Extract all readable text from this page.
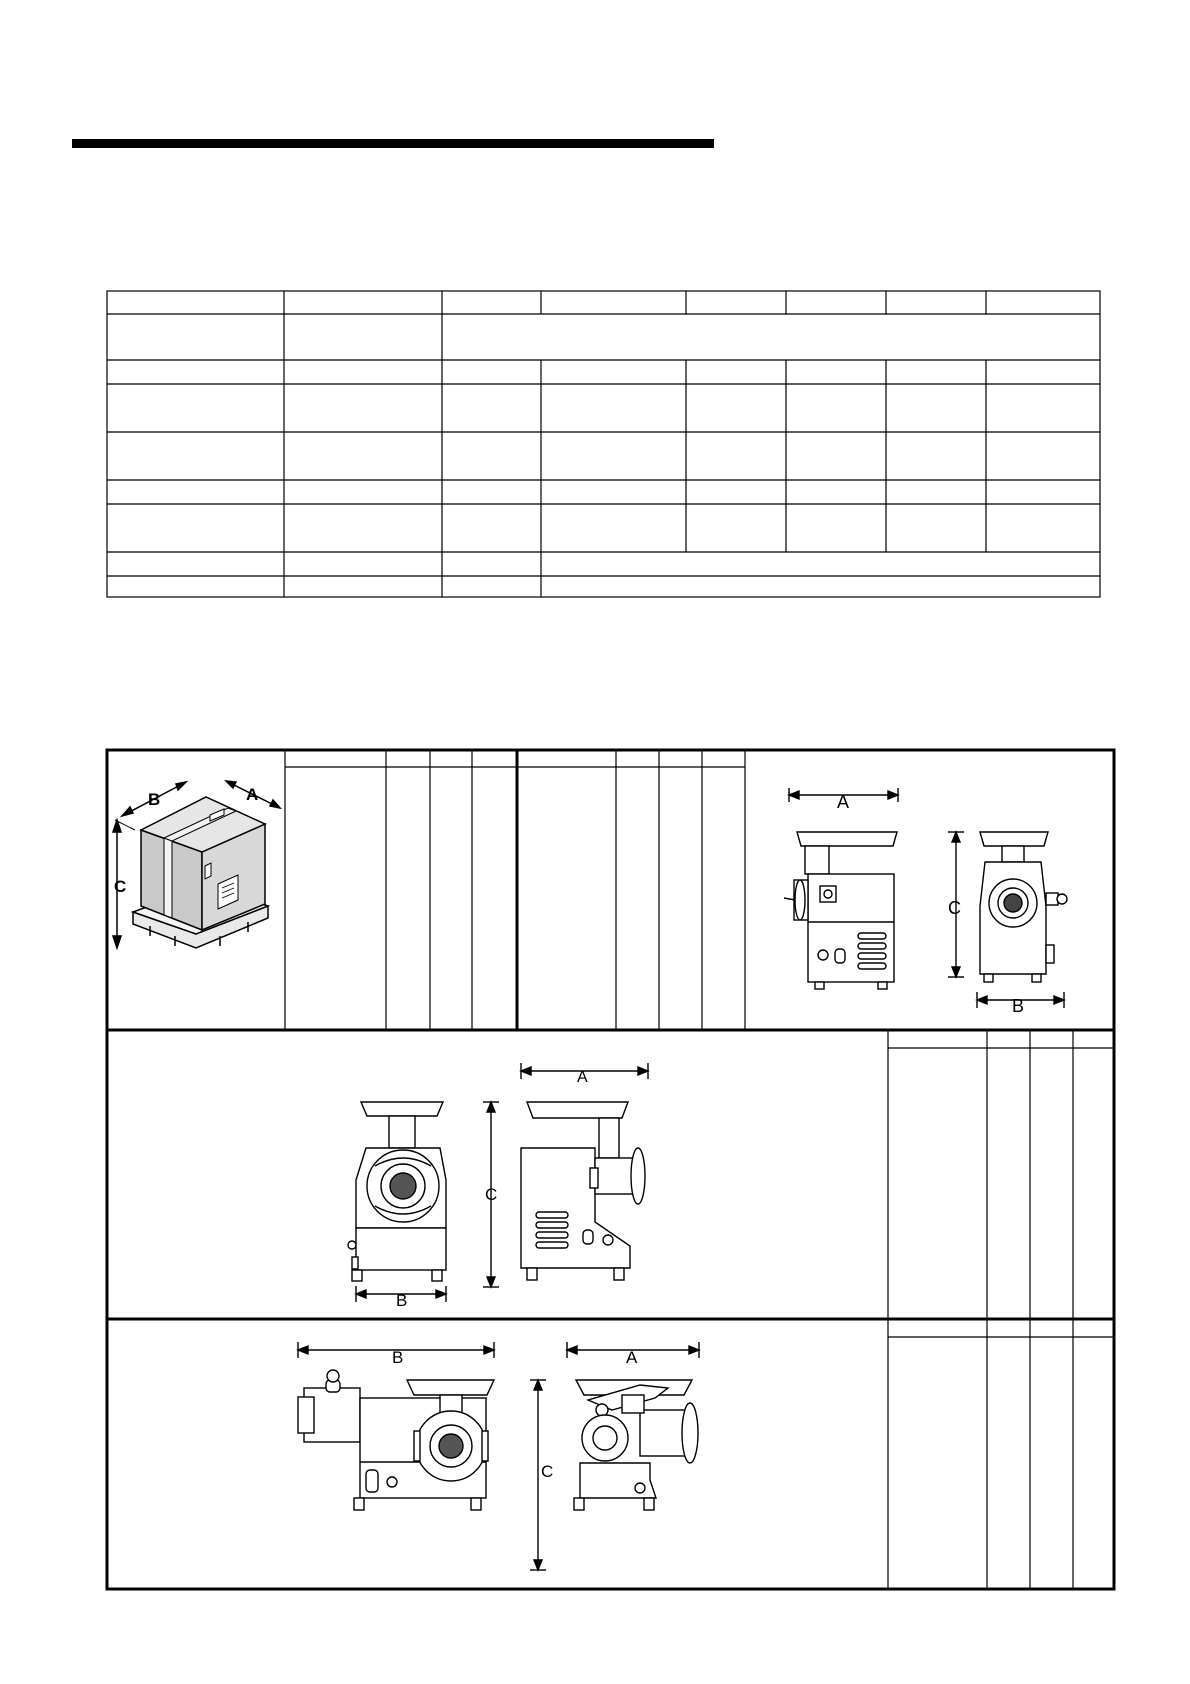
B	A
C
A
C
B
C
B
A
B
C
A
